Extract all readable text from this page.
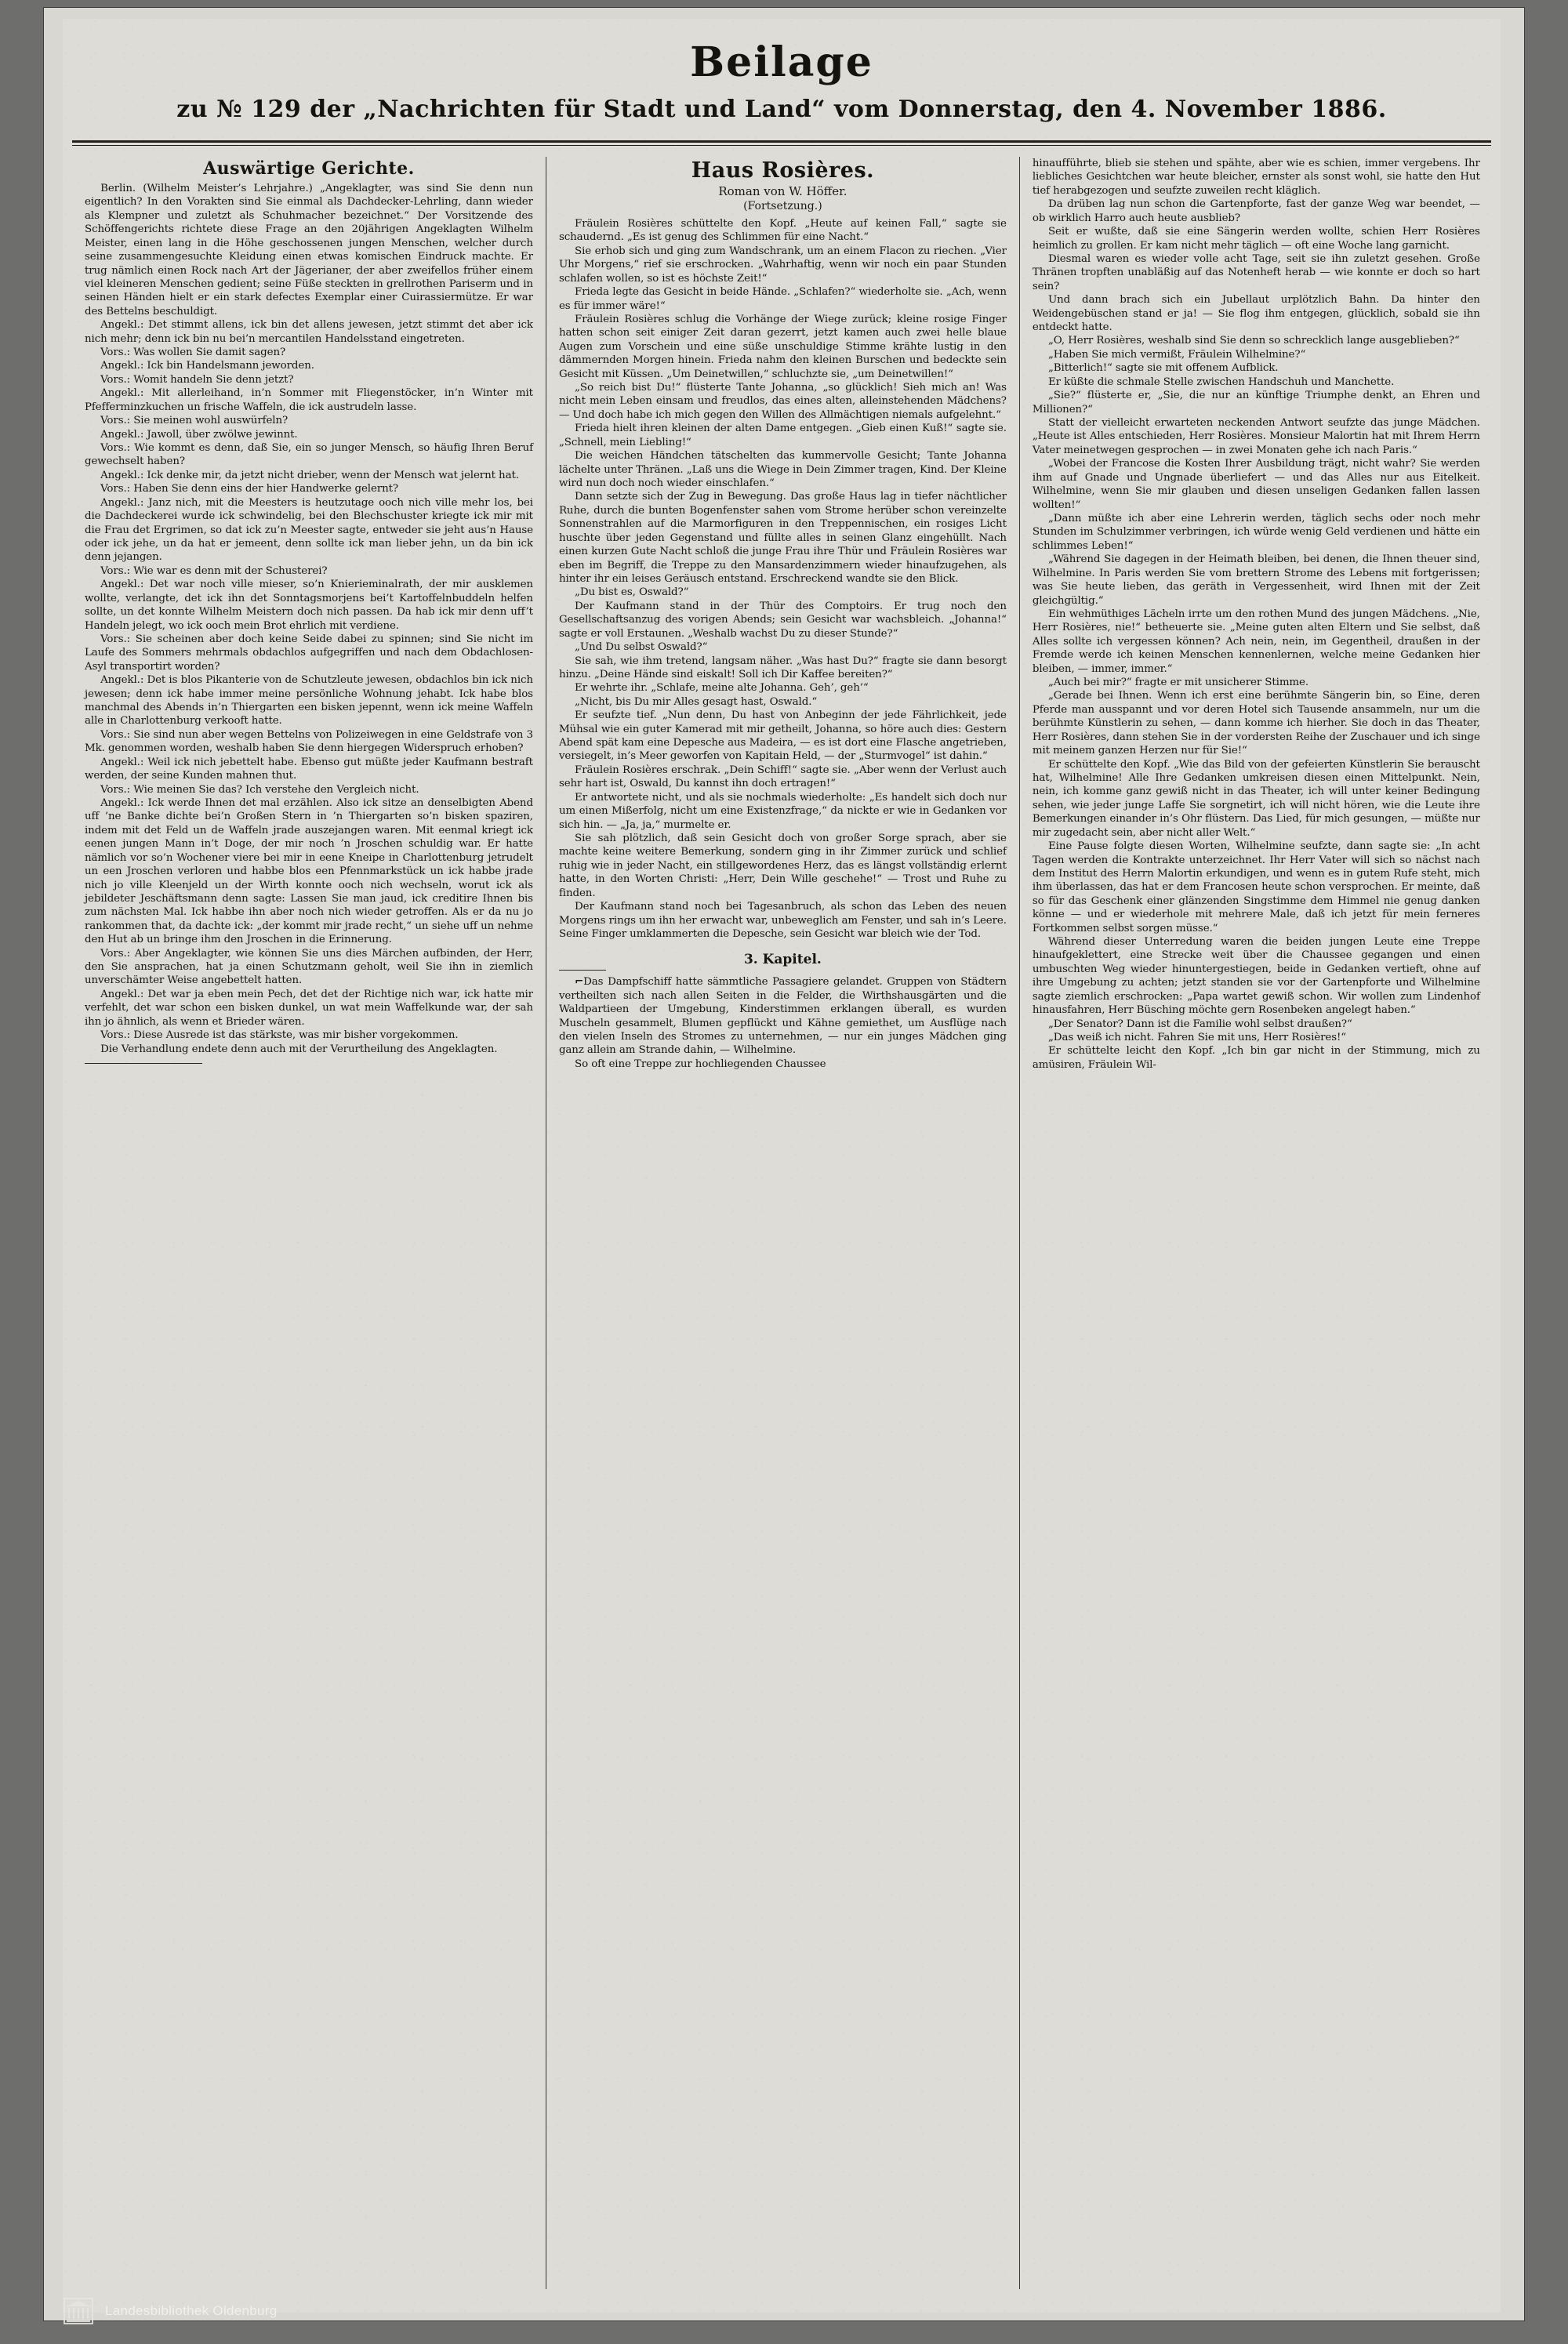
Beilage
zu № 129 der „Nachrichten für Stadt und Land“ vom Donnerstag, den 4. November 1886.
Auswärtige Gerichte.

Berlin. (Wilhelm Meister’s Lehrjahre.) „Angeklagter, was sind Sie denn nun eigentlich? In den Vorakten sind Sie einmal als Dachdecker-Lehrling, dann wieder als Klempner und zuletzt als Schuhmacher bezeichnet.“ Der Vorsitzende des Schöffengerichts richtete diese Frage an den 20jährigen Angeklagten Wilhelm Meister, einen lang in die Höhe geschossenen jungen Menschen, welcher durch seine zusammengesuchte Kleidung einen etwas komischen Eindruck machte. Er trug nämlich einen Rock nach Art der Jägerianer, der aber zweifellos früher einem viel kleineren Menschen gedient; seine Füße steckten in grellrothen Pariserm und in seinen Händen hielt er ein stark defectes Exemplar einer Cuirassiermütze. Er war des Bettelns beschuldigt.

Angekl.: Det stimmt allens, ick bin det allens jewesen, jetzt stimmt det aber ick nich mehr; denn ick bin nu bei’n mercantilen Handelsstand eingetreten.

Vors.: Was wollen Sie damit sagen?

Angekl.: Ick bin Handelsmann jeworden.

Vors.: Womit handeln Sie denn jetzt?

Angekl.: Mit allerleihand, in’n Sommer mit Fliegenstöcker, in’n Winter mit Pfefferminzkuchen un frische Waffeln, die ick austrudeln lasse.

Vors.: Sie meinen wohl auswürfeln?

Angekl.: Jawoll, über zwölwe jewinnt.

Vors.: Wie kommt es denn, daß Sie, ein so junger Mensch, so häufig Ihren Beruf gewechselt haben?

Angekl.: Ick denke mir, da jetzt nicht drieber, wenn der Mensch wat jelernt hat.

Vors.: Haben Sie denn eins der hier Handwerke gelernt?

Angekl.: Janz nich, mit die Meesters is heutzutage ooch nich ville mehr los, bei die Dachdeckerei wurde ick schwindelig, bei den Blechschuster kriegte ick mir mit die Frau det Ergrimen, so dat ick zu’n Meester sagte, entweder sie jeht aus’n Hause oder ick jehe, un da hat er jemeent, denn sollte ick man lieber jehn, un da bin ick denn jejangen.

Vors.: Wie war es denn mit der Schusterei?

Angekl.: Det war noch ville mieser, so’n Knierieminalrath, der mir ausklemen wollte, verlangte, det ick ihn det Sonntagsmorjens bei’t Kartoffelnbuddeln helfen sollte, un det konnte Wilhelm Meistern doch nich passen. Da hab ick mir denn uff’t Handeln jelegt, wo ick ooch mein Brot ehrlich mit verdiene.

Vors.: Sie scheinen aber doch keine Seide dabei zu spinnen; sind Sie nicht im Laufe des Sommers mehrmals obdachlos aufgegriffen und nach dem Obdachlosen-Asyl transportirt worden?

Angekl.: Det is blos Pikanterie von de Schutzleute jewesen, obdachlos bin ick nich jewesen; denn ick habe immer meine persönliche Wohnung jehabt. Ick habe blos manchmal des Abends in’n Thiergarten een bisken jepennt, wenn ick meine Waffeln alle in Charlottenburg verkooft hatte.

Vors.: Sie sind nun aber wegen Bettelns von Polizeiwegen in eine Geldstrafe von 3 Mk. genommen worden, weshalb haben Sie denn hiergegen Widerspruch erhoben?

Angekl.: Weil ick nich jebettelt habe. Ebenso gut müßte jeder Kaufmann bestraft werden, der seine Kunden mahnen thut.

Vors.: Wie meinen Sie das? Ich verstehe den Vergleich nicht.

Angekl.: Ick werde Ihnen det mal erzählen. Also ick sitze an denselbigten Abend uff ’ne Banke dichte bei’n Großen Stern in ’n Thiergarten so’n bisken spaziren, indem mit det Feld un de Waffeln jrade auszejangen waren. Mit eenmal kriegt ick eenen jungen Mann in’t Doge, der mir noch ’n Jroschen schuldig war. Er hatte nämlich vor so’n Wochener viere bei mir in eene Kneipe in Charlottenburg jetrudelt un een Jroschen verloren und habbe blos een Pfennmarkstück un ick habbe jrade nich jo ville Kleenjeld un der Wirth konnte ooch nich wechseln, worut ick als jebildeter Jeschäftsmann denn sagte: Lassen Sie man jaud, ick creditire Ihnen bis zum nächsten Mal. Ick habbe ihn aber noch nich wieder getroffen. Als er da nu jo rankommen that, da dachte ick: „der kommt mir jrade recht,“ un siehe uff un nehme den Hut ab un bringe ihm den Jroschen in die Erinnerung.

Vors.: Aber Angeklagter, wie können Sie uns dies Märchen aufbinden, der Herr, den Sie ansprachen, hat ja einen Schutzmann geholt, weil Sie ihn in ziemlich unverschämter Weise angebettelt hatten.

Angekl.: Det war ja eben mein Pech, det det der Richtige nich war, ick hatte mir verfehlt, det war schon een bisken dunkel, un wat mein Waffelkunde war, der sah ihn jo ähnlich, als wenn et Brieder wären.

Vors.: Diese Ausrede ist das stärkste, was mir bisher vorgekommen.

Die Verhandlung endete denn auch mit der Verurtheilung des Angeklagten.

Haus Rosières.
Roman von W. Höffer.
(Fortsetzung.)

Fräulein Rosières schüttelte den Kopf. „Heute auf keinen Fall,“ sagte sie schaudernd. „Es ist genug des Schlimmen für eine Nacht.“

Sie erhob sich und ging zum Wandschrank, um an einem Flacon zu riechen. „Vier Uhr Morgens,“ rief sie erschrocken. „Wahrhaftig, wenn wir noch ein paar Stunden schlafen wollen, so ist es höchste Zeit!“

Frieda legte das Gesicht in beide Hände. „Schlafen?“ wiederholte sie. „Ach, wenn es für immer wäre!“

Fräulein Rosières schlug die Vorhänge der Wiege zurück; kleine rosige Finger hatten schon seit einiger Zeit daran gezerrt, jetzt kamen auch zwei helle blaue Augen zum Vorschein und eine süße unschuldige Stimme krähte lustig in den dämmernden Morgen hinein. Frieda nahm den kleinen Burschen und bedeckte sein Gesicht mit Küssen. „Um Deinetwillen,“ schluchzte sie, „um Deinetwillen!“

„So reich bist Du!“ flüsterte Tante Johanna, „so glücklich! Sieh mich an! Was nicht mein Leben einsam und freudlos, das eines alten, alleinstehenden Mädchens? — Und doch habe ich mich gegen den Willen des Allmächtigen niemals aufgelehnt.“

Frieda hielt ihren kleinen der alten Dame entgegen. „Gieb einen Kuß!“ sagte sie. „Schnell, mein Liebling!“

Die weichen Händchen tätschelten das kummervolle Gesicht; Tante Johanna lächelte unter Thränen. „Laß uns die Wiege in Dein Zimmer tragen, Kind. Der Kleine wird nun doch noch wieder einschlafen.“

Dann setzte sich der Zug in Bewegung. Das große Haus lag in tiefer nächtlicher Ruhe, durch die bunten Bogenfenster sahen vom Strome herüber schon vereinzelte Sonnenstrahlen auf die Marmorfiguren in den Treppennischen, ein rosiges Licht huschte über jeden Gegenstand und füllte alles in seinen Glanz eingehüllt. Nach einen kurzen Gute Nacht schloß die junge Frau ihre Thür und Fräulein Rosières war eben im Begriff, die Treppe zu den Mansardenzimmern wieder hinaufzugehen, als hinter ihr ein leises Geräusch entstand. Erschreckend wandte sie den Blick.

„Du bist es, Oswald?“

Der Kaufmann stand in der Thür des Comptoirs. Er trug noch den Gesellschaftsanzug des vorigen Abends; sein Gesicht war wachsbleich. „Johanna!“ sagte er voll Erstaunen. „Weshalb wachst Du zu dieser Stunde?“

„Und Du selbst Oswald?“

Sie sah, wie ihm tretend, langsam näher. „Was hast Du?“ fragte sie dann besorgt hinzu. „Deine Hände sind eiskalt! Soll ich Dir Kaffee bereiten?“

Er wehrte ihr. „Schlafe, meine alte Johanna. Geh’, geh’“

„Nicht, bis Du mir Alles gesagt hast, Oswald.“

Er seufzte tief. „Nun denn, Du hast von Anbeginn der jede Fährlichkeit, jede Mühsal wie ein guter Kamerad mit mir getheilt, Johanna, so höre auch dies: Gestern Abend spät kam eine Depesche aus Madeira, — es ist dort eine Flasche angetrieben, versiegelt, in’s Meer geworfen von Kapitain Held, — der „Sturmvogel“ ist dahin.“

Fräulein Rosières erschrak. „Dein Schiff!“ sagte sie. „Aber wenn der Verlust auch sehr hart ist, Oswald, Du kannst ihn doch ertragen!“

Er antwortete nicht, und als sie nochmals wiederholte: „Es handelt sich doch nur um einen Mißerfolg, nicht um eine Existenzfrage,“ da nickte er wie in Gedanken vor sich hin. — „Ja, ja,“ murmelte er.

Sie sah plötzlich, daß sein Gesicht doch von großer Sorge sprach, aber sie machte keine weitere Bemerkung, sondern ging in ihr Zimmer zurück und schlief ruhig wie in jeder Nacht, ein stillgewordenes Herz, das es längst vollständig erlernt hatte, in den Worten Christi: „Herr, Dein Wille geschehe!“ — Trost und Ruhe zu finden.

Der Kaufmann stand noch bei Tagesanbruch, als schon das Leben des neuen Morgens rings um ihn her erwacht war, unbeweglich am Fenster, und sah in’s Leere. Seine Finger umklammerten die Depesche, sein Gesicht war bleich wie der Tod.

3. Kapitel.

⌐Das Dampfschiff hatte sämmtliche Passagiere gelandet. Gruppen von Städtern vertheilten sich nach allen Seiten in die Felder, die Wirthshausgärten und die Waldpartieen der Umgebung, Kinderstimmen erklangen überall, es wurden Muscheln gesammelt, Blumen gepflückt und Kähne gemiethet, um Ausflüge nach den vielen Inseln des Stromes zu unternehmen, — nur ein junges Mädchen ging ganz allein am Strande dahin, — Wilhelmine.

So oft eine Treppe zur hochliegenden Chaussee

hinaufführte, blieb sie stehen und spähte, aber wie es schien, immer vergebens. Ihr liebliches Gesichtchen war heute bleicher, ernster als sonst wohl, sie hatte den Hut tief herabgezogen und seufzte zuweilen recht kläglich.

Da drüben lag nun schon die Gartenpforte, fast der ganze Weg war beendet, — ob wirklich Harro auch heute ausblieb?

Seit er wußte, daß sie eine Sängerin werden wollte, schien Herr Rosières heimlich zu grollen. Er kam nicht mehr täglich — oft eine Woche lang garnicht.

Diesmal waren es wieder volle acht Tage, seit sie ihn zuletzt gesehen. Große Thränen tropften unabläßig auf das Notenheft herab — wie konnte er doch so hart sein?

Und dann brach sich ein Jubellaut urplötzlich Bahn. Da hinter den Weidengebüschen stand er ja! — Sie flog ihm entgegen, glücklich, sobald sie ihn entdeckt hatte.

„O, Herr Rosières, weshalb sind Sie denn so schrecklich lange ausgeblieben?“

„Haben Sie mich vermißt, Fräulein Wilhelmine?“

„Bitterlich!“ sagte sie mit offenem Aufblick.

Er küßte die schmale Stelle zwischen Handschuh und Manchette.

„Sie?“ flüsterte er, „Sie, die nur an künftige Triumphe denkt, an Ehren und Millionen?“

Statt der vielleicht erwarteten neckenden Antwort seufzte das junge Mädchen. „Heute ist Alles entschieden, Herr Rosières. Monsieur Malortin hat mit Ihrem Herrn Vater meinetwegen gesprochen — in zwei Monaten gehe ich nach Paris.“

„Wobei der Francose die Kosten Ihrer Ausbildung trägt, nicht wahr? Sie werden ihm auf Gnade und Ungnade überliefert — und das Alles nur aus Eitelkeit. Wilhelmine, wenn Sie mir glauben und diesen unseligen Gedanken fallen lassen wollten!“

„Dann müßte ich aber eine Lehrerin werden, täglich sechs oder noch mehr Stunden im Schulzimmer verbringen, ich würde wenig Geld verdienen und hätte ein schlimmes Leben!“

„Während Sie dagegen in der Heimath bleiben, bei denen, die Ihnen theuer sind, Wilhelmine. In Paris werden Sie vom brettern Strome des Lebens mit fortgerissen; was Sie heute lieben, das geräth in Vergessenheit, wird Ihnen mit der Zeit gleichgültig.“

Ein wehmüthiges Lächeln irrte um den rothen Mund des jungen Mädchens. „Nie, Herr Rosières, nie!“ betheuerte sie. „Meine guten alten Eltern und Sie selbst, daß Alles sollte ich vergessen können? Ach nein, nein, im Gegentheil, draußen in der Fremde werde ich keinen Menschen kennenlernen, welche meine Gedanken hier bleiben, — immer, immer.“

„Auch bei mir?“ fragte er mit unsicherer Stimme.

„Gerade bei Ihnen. Wenn ich erst eine berühmte Sängerin bin, so Eine, deren Pferde man ausspannt und vor deren Hotel sich Tausende ansammeln, nur um die berühmte Künstlerin zu sehen, — dann komme ich hierher. Sie doch in das Theater, Herr Rosières, dann stehen Sie in der vordersten Reihe der Zuschauer und ich singe mit meinem ganzen Herzen nur für Sie!“

Er schüttelte den Kopf. „Wie das Bild von der gefeierten Künstlerin Sie berauscht hat, Wilhelmine! Alle Ihre Gedanken umkreisen diesen einen Mittelpunkt. Nein, nein, ich komme ganz gewiß nicht in das Theater, ich will unter keiner Bedingung sehen, wie jeder junge Laffe Sie sorgnetirt, ich will nicht hören, wie die Leute ihre Bemerkungen einander in’s Ohr flüstern. Das Lied, für mich gesungen, — müßte nur mir zugedacht sein, aber nicht aller Welt.“

Eine Pause folgte diesen Worten, Wilhelmine seufzte, dann sagte sie: „In acht Tagen werden die Kontrakte unterzeichnet. Ihr Herr Vater will sich so nächst nach dem Institut des Herrn Malortin erkundigen, und wenn es in gutem Rufe steht, mich ihm überlassen, das hat er dem Francosen heute schon versprochen. Er meinte, daß so für das Geschenk einer glänzenden Singstimme dem Himmel nie genug danken könne — und er wiederhole mit mehrere Male, daß ich jetzt für mein ferneres Fortkommen selbst sorgen müsse.“

Während dieser Unterredung waren die beiden jungen Leute eine Treppe hinaufgeklettert, eine Strecke weit über die Chaussee gegangen und einen umbuschten Weg wieder hinuntergestiegen, beide in Gedanken vertieft, ohne auf ihre Umgebung zu achten; jetzt standen sie vor der Gartenpforte und Wilhelmine sagte ziemlich erschrocken: „Papa wartet gewiß schon. Wir wollen zum Lindenhof hinausfahren, Herr Büsching möchte gern Rosenbeken angelegt haben.“

„Der Senator? Dann ist die Familie wohl selbst draußen?“

„Das weiß ich nicht. Fahren Sie mit uns, Herr Rosières!“

Er schüttelte leicht den Kopf. „Ich bin gar nicht in der Stimmung, mich zu amüsiren, Fräulein Wil-

Landesbibliothek Oldenburg
